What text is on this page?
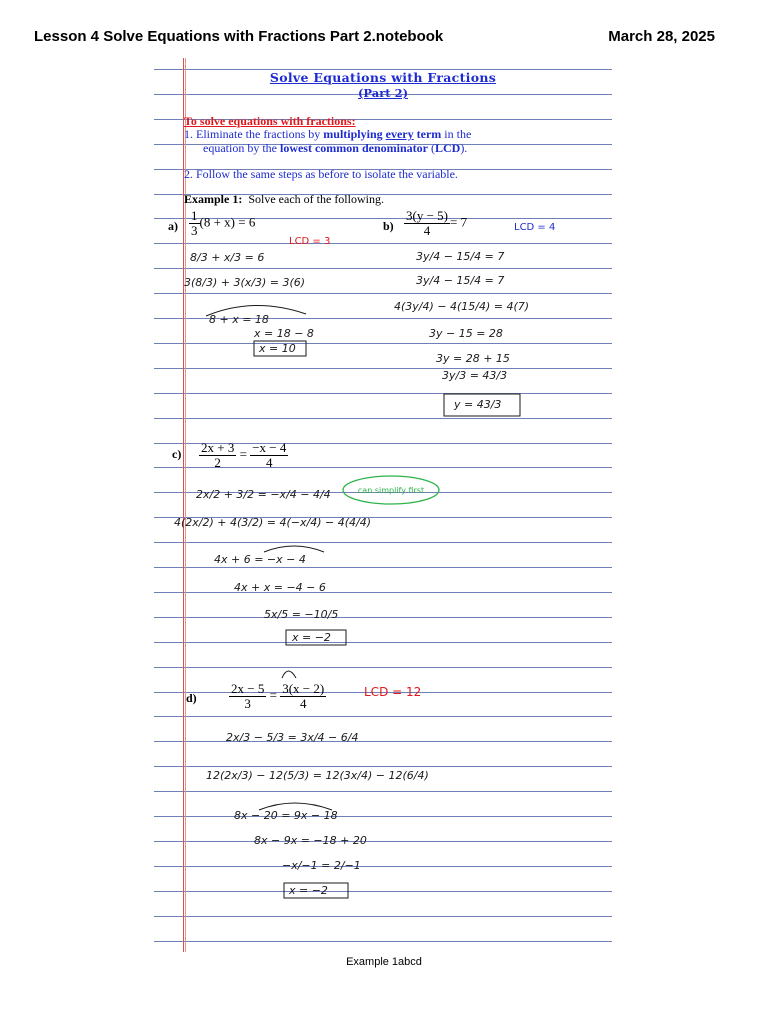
Lesson 4 Solve Equations with Fractions Part 2.notebook	March 28, 2025
Solve Equations with Fractions
(Part 2)
To solve equations with fractions:
1. Eliminate the fractions by multiplying every term in the
equation by the lowest common denominator (LCD).
2. Follow the same steps as before to isolate the variable.
Example 1: Solve each of the following.
$a) \frac{1}{3} (8 + x) = 6$	$b) \frac{3(y - 5)}{4} = 7$
$c) \frac{2x + 3}{2} = \frac{-x - 4}{4}$
$d) \frac{2x - 5}{3} = \frac{3(x - 2)}{4}$
8/3 + x/3 = 6
3(8/3) + 3(x/3) = 3(6)
8 + x = 18
x = 18 − 8
x = 10
3y/4 − 15/4 = 7
3y/4 − 15/4 = 7
4(3y/4) − 4(15/4) = 4(7)
3y − 15 = 28
3y = 28 + 15
3y/3 = 43/3
y = 43/3
2x/2 + 3/2 = −x/4 − 4/4
4(2x/2) + 4(3/2) = 4(−x/4) − 4(4/4)
4x + 6 = −x − 4
4x + x = −4 − 6
5x/5 = −10/5
x = −2
2x/3 − 5/3 = 3x/4 − 6/4
12(2x/3) − 12(5/3) = 12(3x/4) − 12(6/4)
8x − 20 = 9x − 18
8x − 9x = −18 + 20
−x/−1 = 2/−1
x = −2
LCD = 3
LCD = 4
LCD = 12
can simplify first
Example 1abcd
